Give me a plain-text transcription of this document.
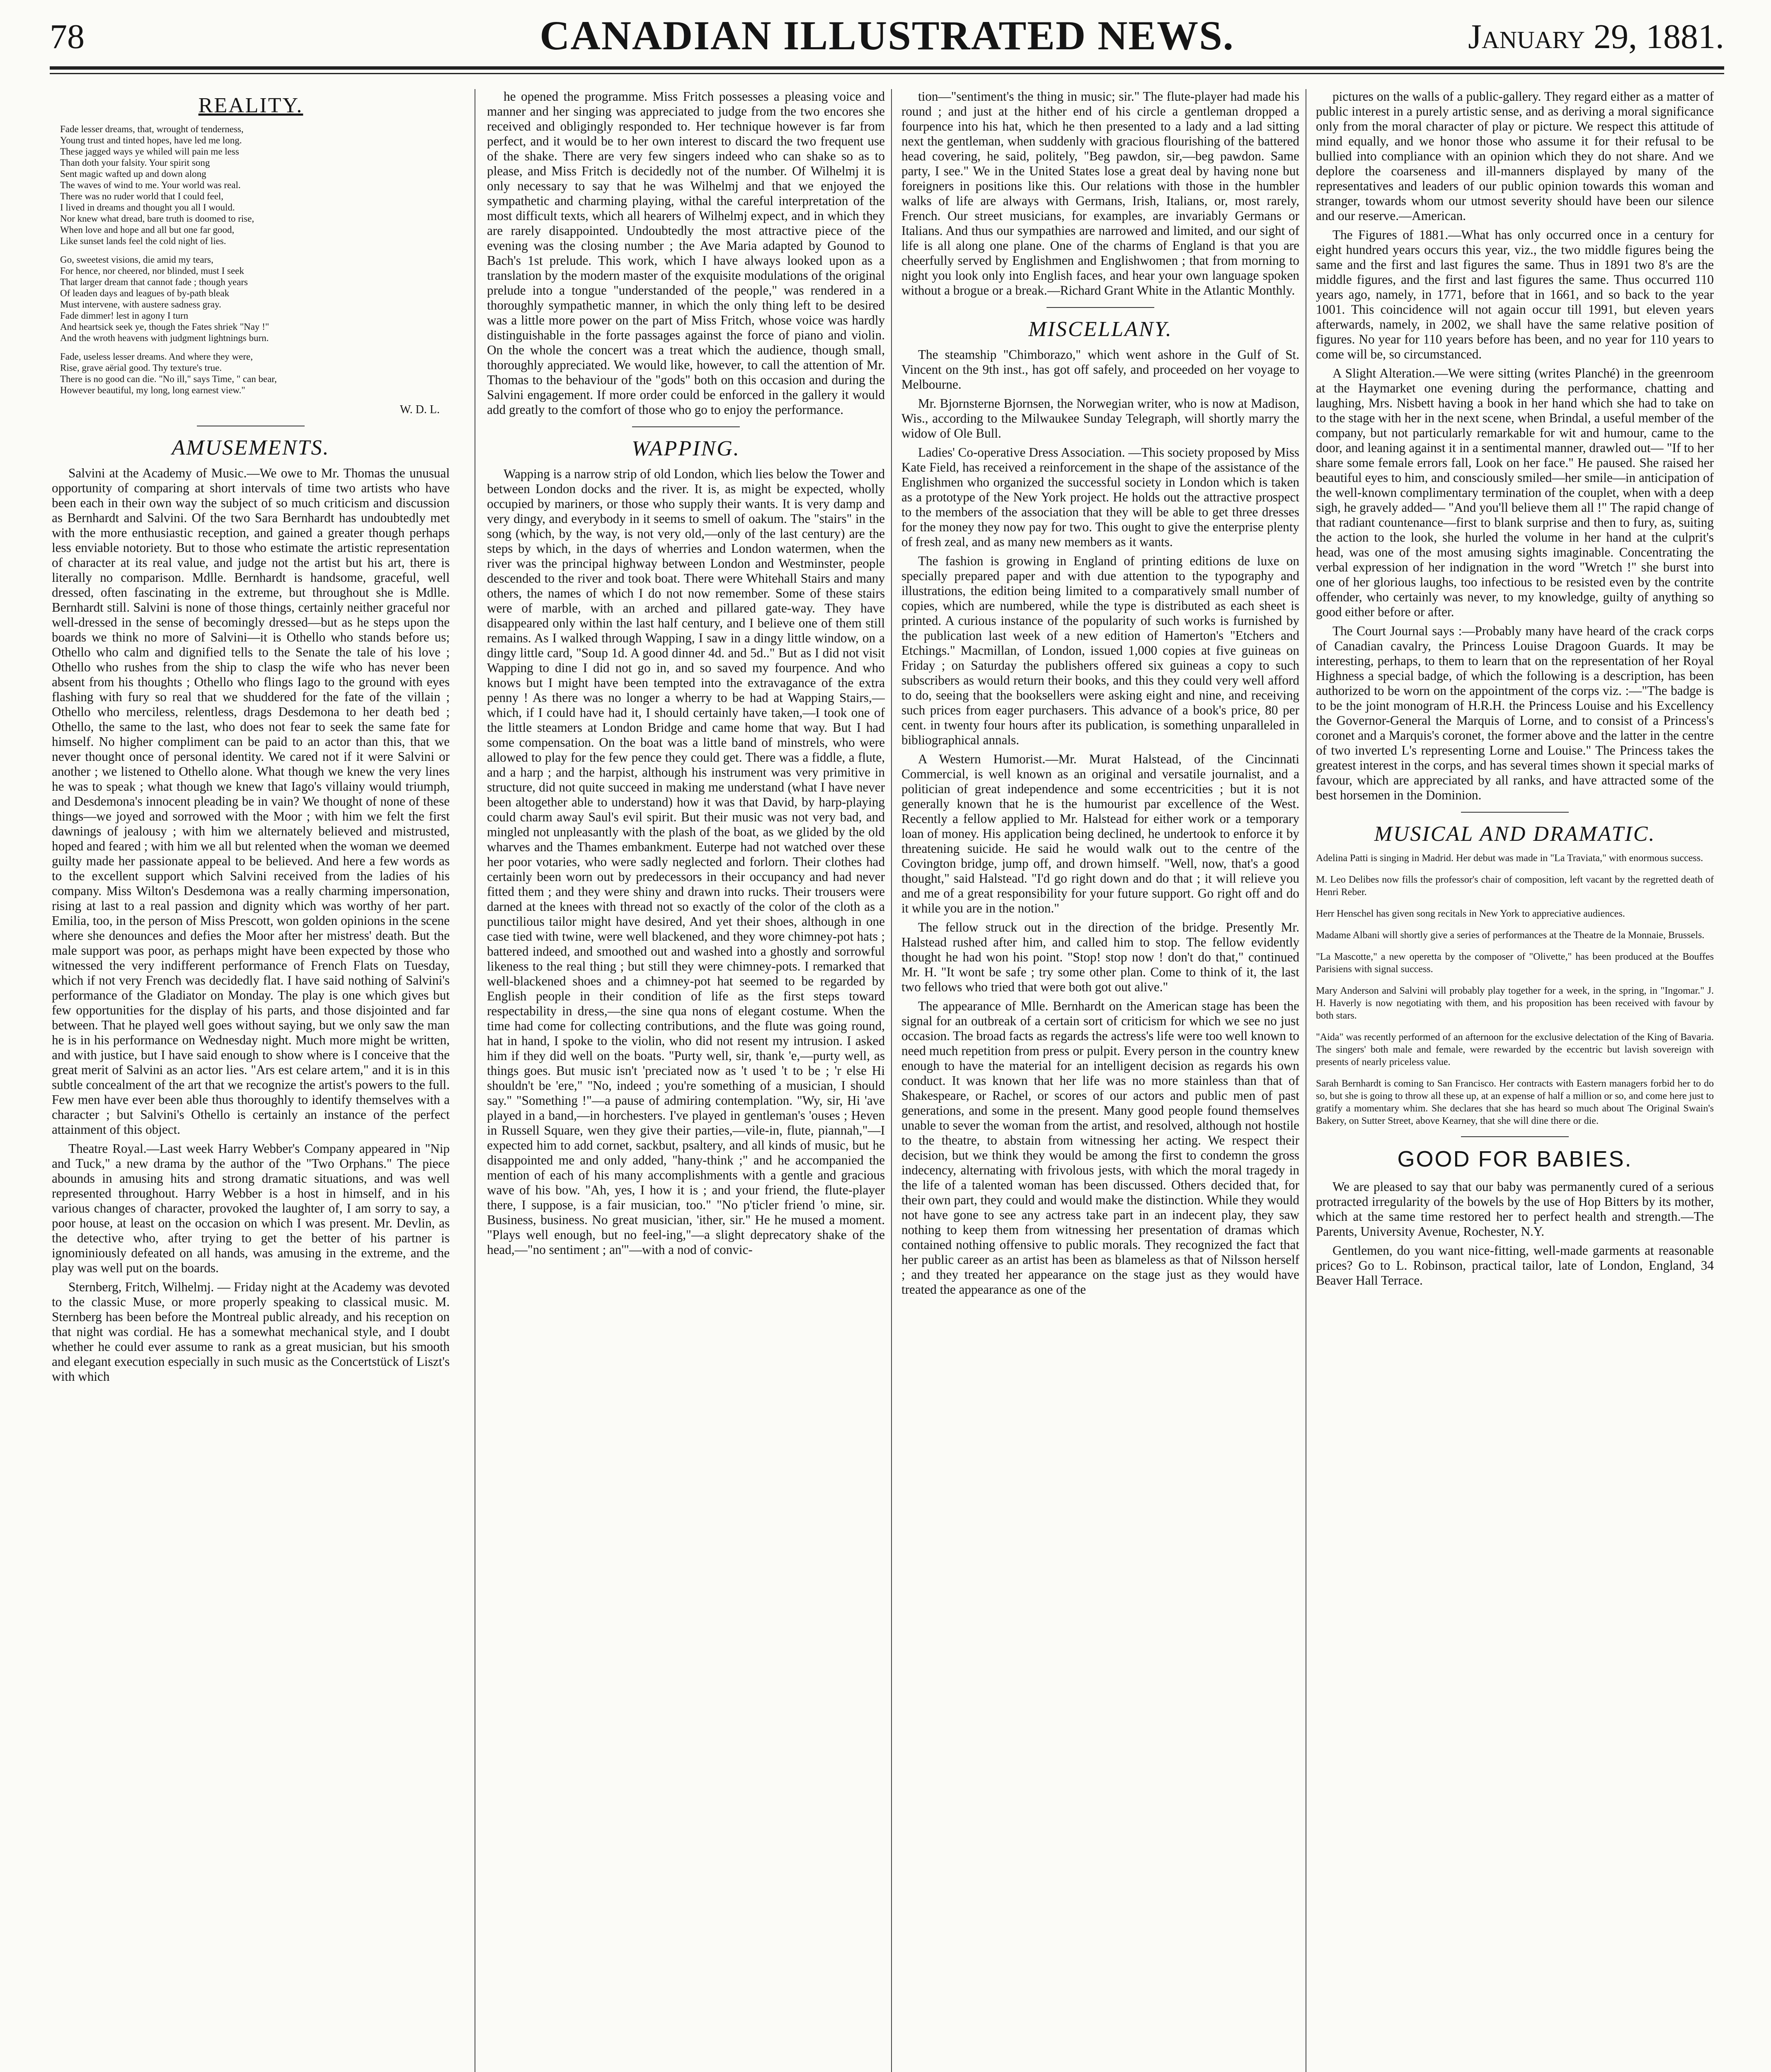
78	CANADIAN ILLUSTRATED NEWS.	January 29, 1881.
REALITY.
Fade lesser dreams, that, wrought of tenderness,
Young trust and tinted hopes, have led me long.
These jagged ways ye whiled will pain me less
Than doth your falsity. Your spirit song
Sent magic wafted up and down along
The waves of wind to me. Your world was real.
There was no ruder world that I could feel,
I lived in dreams and thought you all I would.
Nor knew what dread, bare truth is doomed to rise,
When love and hope and all but one far good,
Like sunset lands feel the cold night of lies.
Go, sweetest visions, die amid my tears,
For hence, nor cheered, nor blinded, must I seek
That larger dream that cannot fade ; though years
Of leaden days and leagues of by-path bleak
Must intervene, with austere sadness gray.
Fade dimmer! lest in agony I turn
And heartsick seek ye, though the Fates shriek "Nay !"
And the wroth heavens with judgment lightnings burn.
Fade, useless lesser dreams. And where they were,
Rise, grave aërial good. Thy texture's true.
There is no good can die. "No ill," says Time, " can bear,
However beautiful, my long, long earnest view."
W. D. L.
AMUSEMENTS.

Salvini at the Academy of Music.—We owe to Mr. Thomas the unusual opportunity of comparing at short intervals of time two artists who have been each in their own way the subject of so much criticism and discussion as Bernhardt and Salvini. Of the two Sara Bernhardt has undoubtedly met with the more enthusiastic reception, and gained a greater though perhaps less enviable notoriety. But to those who estimate the artistic representation of character at its real value, and judge not the artist but his art, there is literally no comparison. Mdlle. Bernhardt is handsome, graceful, well dressed, often fascinating in the extreme, but throughout she is Mdlle. Bernhardt still. Salvini is none of those things, certainly neither graceful nor well-dressed in the sense of becomingly dressed—but as he steps upon the boards we think no more of Salvini—it is Othello who stands before us; Othello who calm and dignified tells to the Senate the tale of his love ; Othello who rushes from the ship to clasp the wife who has never been absent from his thoughts ; Othello who flings Iago to the ground with eyes flashing with fury so real that we shuddered for the fate of the villain ; Othello who merciless, relentless, drags Desdemona to her death bed ; Othello, the same to the last, who does not fear to seek the same fate for himself. No higher compliment can be paid to an actor than this, that we never thought once of personal identity. We cared not if it were Salvini or another ; we listened to Othello alone. What though we knew the very lines he was to speak ; what though we knew that Iago's villainy would triumph, and Desdemona's innocent pleading be in vain? We thought of none of these things—we joyed and sorrowed with the Moor ; with him we felt the first dawnings of jealousy ; with him we alternately believed and mistrusted, hoped and feared ; with him we all but relented when the woman we deemed guilty made her passionate appeal to be believed. And here a few words as to the excellent support which Salvini received from the ladies of his company. Miss Wilton's Desdemona was a really charming impersonation, rising at last to a real passion and dignity which was worthy of her part. Emilia, too, in the person of Miss Prescott, won golden opinions in the scene where she denounces and defies the Moor after her mistress' death. But the male support was poor, as perhaps might have been expected by those who witnessed the very indifferent performance of French Flats on Tuesday, which if not very French was decidedly flat. I have said nothing of Salvini's performance of the Gladiator on Monday. The play is one which gives but few opportunities for the display of his parts, and those disjointed and far between. That he played well goes without saying, but we only saw the man he is in his performance on Wednesday night. Much more might be written, and with justice, but I have said enough to show where is I conceive that the great merit of Salvini as an actor lies. "Ars est celare artem," and it is in this subtle concealment of the art that we recognize the artist's powers to the full. Few men have ever been able thus thoroughly to identify themselves with a character ; but Salvini's Othello is certainly an instance of the perfect attainment of this object.

Theatre Royal.—Last week Harry Webber's Company appeared in "Nip and Tuck," a new drama by the author of the "Two Orphans." The piece abounds in amusing hits and strong dramatic situations, and was well represented throughout. Harry Webber is a host in himself, and in his various changes of character, provoked the laughter of, I am sorry to say, a poor house, at least on the occasion on which I was present. Mr. Devlin, as the detective who, after trying to get the better of his partner is ignominiously defeated on all hands, was amusing in the extreme, and the play was well put on the boards.

Sternberg, Fritch, Wilhelmj. — Friday night at the Academy was devoted to the classic Muse, or more properly speaking to classical music. M. Sternberg has been before the Montreal public already, and his reception on that night was cordial. He has a somewhat mechanical style, and I doubt whether he could ever assume to rank as a great musician, but his smooth and elegant execution especially in such music as the Concertstück of Liszt's with which

he opened the programme. Miss Fritch possesses a pleasing voice and manner and her singing was appreciated to judge from the two encores she received and obligingly responded to. Her technique however is far from perfect, and it would be to her own interest to discard the two frequent use of the shake. There are very few singers indeed who can shake so as to please, and Miss Fritch is decidedly not of the number. Of Wilhelmj it is only necessary to say that he was Wilhelmj and that we enjoyed the sympathetic and charming playing, withal the careful interpretation of the most difficult texts, which all hearers of Wilhelmj expect, and in which they are rarely disappointed. Undoubtedly the most attractive piece of the evening was the closing number ; the Ave Maria adapted by Gounod to Bach's 1st prelude. This work, which I have always looked upon as a translation by the modern master of the exquisite modulations of the original prelude into a tongue "understanded of the people," was rendered in a thoroughly sympathetic manner, in which the only thing left to be desired was a little more power on the part of Miss Fritch, whose voice was hardly distinguishable in the forte passages against the force of piano and violin. On the whole the concert was a treat which the audience, though small, thoroughly appreciated. We would like, however, to call the attention of Mr. Thomas to the behaviour of the "gods" both on this occasion and during the Salvini engagement. If more order could be enforced in the gallery it would add greatly to the comfort of those who go to enjoy the performance.

WAPPING.

Wapping is a narrow strip of old London, which lies below the Tower and between London docks and the river. It is, as might be expected, wholly occupied by mariners, or those who supply their wants. It is very damp and very dingy, and everybody in it seems to smell of oakum. The "stairs" in the song (which, by the way, is not very old,—only of the last century) are the steps by which, in the days of wherries and London watermen, when the river was the principal highway between London and Westminster, people descended to the river and took boat. There were Whitehall Stairs and many others, the names of which I do not now remember. Some of these stairs were of marble, with an arched and pillared gate-way. They have disappeared only within the last half century, and I believe one of them still remains. As I walked through Wapping, I saw in a dingy little window, on a dingy little card, "Soup 1d. A good dinner 4d. and 5d.." But as I did not visit Wapping to dine I did not go in, and so saved my fourpence. And who knows but I might have been tempted into the extravagance of the extra penny ! As there was no longer a wherry to be had at Wapping Stairs,—which, if I could have had it, I should certainly have taken,—I took one of the little steamers at London Bridge and came home that way. But I had some compensation. On the boat was a little band of minstrels, who were allowed to play for the few pence they could get. There was a fiddle, a flute, and a harp ; and the harpist, although his instrument was very primitive in structure, did not quite succeed in making me understand (what I have never been altogether able to understand) how it was that David, by harp-playing could charm away Saul's evil spirit. But their music was not very bad, and mingled not unpleasantly with the plash of the boat, as we glided by the old wharves and the Thames embankment. Euterpe had not watched over these her poor votaries, who were sadly neglected and forlorn. Their clothes had certainly been worn out by predecessors in their occupancy and had never fitted them ; and they were shiny and drawn into rucks. Their trousers were darned at the knees with thread not so exactly of the color of the cloth as a punctilious tailor might have desired, And yet their shoes, although in one case tied with twine, were well blackened, and they wore chimney-pot hats ; battered indeed, and smoothed out and washed into a ghostly and sorrowful likeness to the real thing ; but still they were chimney-pots. I remarked that well-blackened shoes and a chimney-pot hat seemed to be regarded by English people in their condition of life as the first steps toward respectability in dress,—the sine qua nons of elegant costume. When the time had come for collecting contributions, and the flute was going round, hat in hand, I spoke to the violin, who did not resent my intrusion. I asked him if they did well on the boats. "Purty well, sir, thank 'e,—purty well, as things goes. But music isn't 'preciated now as 't used 't to be ; 'r else Hi shouldn't be 'ere," "No, indeed ; you're something of a musician, I should say." "Something !"—a pause of admiring contemplation. "Wy, sir, Hi 'ave played in a band,—in horchesters. I've played in gentleman's 'ouses ; Heven in Russell Square, wen they give their parties,—vile-in, flute, piannah,"—I expected him to add cornet, sackbut, psaltery, and all kinds of music, but he disappointed me and only added, "hany-think ;" and he accompanied the mention of each of his many accomplishments with a gentle and gracious wave of his bow. "Ah, yes, I how it is ; and your friend, the flute-player there, I suppose, is a fair musician, too." "No p'ticler friend 'o mine, sir. Business, business. No great musician, 'ither, sir." He he mused a moment. "Plays well enough, but no feel-ing,"—a slight deprecatory shake of the head,—"no sentiment ; an'"—with a nod of convic-

tion—"sentiment's the thing in music; sir." The flute-player had made his round ; and just at the hither end of his circle a gentleman dropped a fourpence into his hat, which he then presented to a lady and a lad sitting next the gentleman, when suddenly with gracious flourishing of the battered head covering, he said, politely, "Beg pawdon, sir,—beg pawdon. Same party, I see." We in the United States lose a great deal by having none but foreigners in positions like this. Our relations with those in the humbler walks of life are always with Germans, Irish, Italians, or, most rarely, French. Our street musicians, for examples, are invariably Germans or Italians. And thus our sympathies are narrowed and limited, and our sight of life is all along one plane. One of the charms of England is that you are cheerfully served by Englishmen and Englishwomen ; that from morning to night you look only into English faces, and hear your own language spoken without a brogue or a break.—Richard Grant White in the Atlantic Monthly.

MISCELLANY.

The steamship "Chimborazo," which went ashore in the Gulf of St. Vincent on the 9th inst., has got off safely, and proceeded on her voyage to Melbourne.

Mr. Bjornsterne Bjornsen, the Norwegian writer, who is now at Madison, Wis., according to the Milwaukee Sunday Telegraph, will shortly marry the widow of Ole Bull.

Ladies' Co-operative Dress Association. —This society proposed by Miss Kate Field, has received a reinforcement in the shape of the assistance of the Englishmen who organized the successful society in London which is taken as a prototype of the New York project. He holds out the attractive prospect to the members of the association that they will be able to get three dresses for the money they now pay for two. This ought to give the enterprise plenty of fresh zeal, and as many new members as it wants.

The fashion is growing in England of printing editions de luxe on specially prepared paper and with due attention to the typography and illustrations, the edition being limited to a comparatively small number of copies, which are numbered, while the type is distributed as each sheet is printed. A curious instance of the popularity of such works is furnished by the publication last week of a new edition of Hamerton's "Etchers and Etchings." Macmillan, of London, issued 1,000 copies at five guineas on Friday ; on Saturday the publishers offered six guineas a copy to such subscribers as would return their books, and this they could very well afford to do, seeing that the booksellers were asking eight and nine, and receiving such prices from eager purchasers. This advance of a book's price, 80 per cent. in twenty four hours after its publication, is something unparalleled in bibliographical annals.

A Western Humorist.—Mr. Murat Halstead, of the Cincinnati Commercial, is well known as an original and versatile journalist, and a politician of great independence and some eccentricities ; but it is not generally known that he is the humourist par excellence of the West. Recently a fellow applied to Mr. Halstead for either work or a temporary loan of money. His application being declined, he undertook to enforce it by threatening suicide. He said he would walk out to the centre of the Covington bridge, jump off, and drown himself. "Well, now, that's a good thought," said Halstead. "I'd go right down and do that ; it will relieve you and me of a great responsibility for your future support. Go right off and do it while you are in the notion."

The fellow struck out in the direction of the bridge. Presently Mr. Halstead rushed after him, and called him to stop. The fellow evidently thought he had won his point. "Stop! stop now ! don't do that," continued Mr. H. "It wont be safe ; try some other plan. Come to think of it, the last two fellows who tried that were both got out alive."

The appearance of Mlle. Bernhardt on the American stage has been the signal for an outbreak of a certain sort of criticism for which we see no just occasion. The broad facts as regards the actress's life were too well known to need much repetition from press or pulpit. Every person in the country knew enough to have the material for an intelligent decision as regards his own conduct. It was known that her life was no more stainless than that of Shakespeare, or Rachel, or scores of our actors and public men of past generations, and some in the present. Many good people found themselves unable to sever the woman from the artist, and resolved, although not hostile to the theatre, to abstain from witnessing her acting. We respect their decision, but we think they would be among the first to condemn the gross indecency, alternating with frivolous jests, with which the moral tragedy in the life of a talented woman has been discussed. Others decided that, for their own part, they could and would make the distinction. While they would not have gone to see any actress take part in an indecent play, they saw nothing to keep them from witnessing her presentation of dramas which contained nothing offensive to public morals. They recognized the fact that her public career as an artist has been as blameless as that of Nilsson herself ; and they treated her appearance on the stage just as they would have treated the appearance as one of the

pictures on the walls of a public-gallery. They regard either as a matter of public interest in a purely artistic sense, and as deriving a moral significance only from the moral character of play or picture. We respect this attitude of mind equally, and we honor those who assume it for their refusal to be bullied into compliance with an opinion which they do not share. And we deplore the coarseness and ill-manners displayed by many of the representatives and leaders of our public opinion towards this woman and stranger, towards whom our utmost severity should have been our silence and our reserve.—American.

The Figures of 1881.—What has only occurred once in a century for eight hundred years occurs this year, viz., the two middle figures being the same and the first and last figures the same. Thus in 1891 two 8's are the middle figures, and the first and last figures the same. Thus occurred 110 years ago, namely, in 1771, before that in 1661, and so back to the year 1001. This coincidence will not again occur till 1991, but eleven years afterwards, namely, in 2002, we shall have the same relative position of figures. No year for 110 years before has been, and no year for 110 years to come will be, so circumstanced.

A Slight Alteration.—We were sitting (writes Planché) in the greenroom at the Haymarket one evening during the performance, chatting and laughing, Mrs. Nisbett having a book in her hand which she had to take on to the stage with her in the next scene, when Brindal, a useful member of the company, but not particularly remarkable for wit and humour, came to the door, and leaning against it in a sentimental manner, drawled out— "If to her share some female errors fall, Look on her face." He paused. She raised her beautiful eyes to him, and consciously smiled—her smile—in anticipation of the well-known complimentary termination of the couplet, when with a deep sigh, he gravely added— "And you'll believe them all !" The rapid change of that radiant countenance—first to blank surprise and then to fury, as, suiting the action to the look, she hurled the volume in her hand at the culprit's head, was one of the most amusing sights imaginable. Concentrating the verbal expression of her indignation in the word "Wretch !" she burst into one of her glorious laughs, too infectious to be resisted even by the contrite offender, who certainly was never, to my knowledge, guilty of anything so good either before or after.

The Court Journal says :—Probably many have heard of the crack corps of Canadian cavalry, the Princess Louise Dragoon Guards. It may be interesting, perhaps, to them to learn that on the representation of her Royal Highness a special badge, of which the following is a description, has been authorized to be worn on the appointment of the corps viz. :—"The badge is to be the joint monogram of H.R.H. the Princess Louise and his Excellency the Governor-General the Marquis of Lorne, and to consist of a Princess's coronet and a Marquis's coronet, the former above and the latter in the centre of two inverted L's representing Lorne and Louise." The Princess takes the greatest interest in the corps, and has several times shown it special marks of favour, which are appreciated by all ranks, and have attracted some of the best horsemen in the Dominion.

MUSICAL AND DRAMATIC.

Adelina Patti is singing in Madrid. Her debut was made in "La Traviata," with enormous success.

M. Leo Delibes now fills the professor's chair of composition, left vacant by the regretted death of Henri Reber.

Herr Henschel has given song recitals in New York to appreciative audiences.

Madame Albani will shortly give a series of performances at the Theatre de la Monnaie, Brussels.

"La Mascotte," a new operetta by the composer of "Olivette," has been produced at the Bouffes Parisiens with signal success.

Mary Anderson and Salvini will probably play together for a week, in the spring, in "Ingomar." J. H. Haverly is now negotiating with them, and his proposition has been received with favour by both stars.

"Aida" was recently performed of an afternoon for the exclusive delectation of the King of Bavaria. The singers' both male and female, were rewarded by the eccentric but lavish sovereign with presents of nearly priceless value.

Sarah Bernhardt is coming to San Francisco. Her contracts with Eastern managers forbid her to do so, but she is going to throw all these up, at an expense of half a million or so, and come here just to gratify a momentary whim. She declares that she has heard so much about The Original Swain's Bakery, on Sutter Street, above Kearney, that she will dine there or die.

GOOD FOR BABIES.

We are pleased to say that our baby was permanently cured of a serious protracted irregularity of the bowels by the use of Hop Bitters by its mother, which at the same time restored her to perfect health and strength.—The Parents, University Avenue, Rochester, N.Y.

Gentlemen, do you want nice-fitting, well-made garments at reasonable prices? Go to L. Robinson, practical tailor, late of London, England, 34 Beaver Hall Terrace.
